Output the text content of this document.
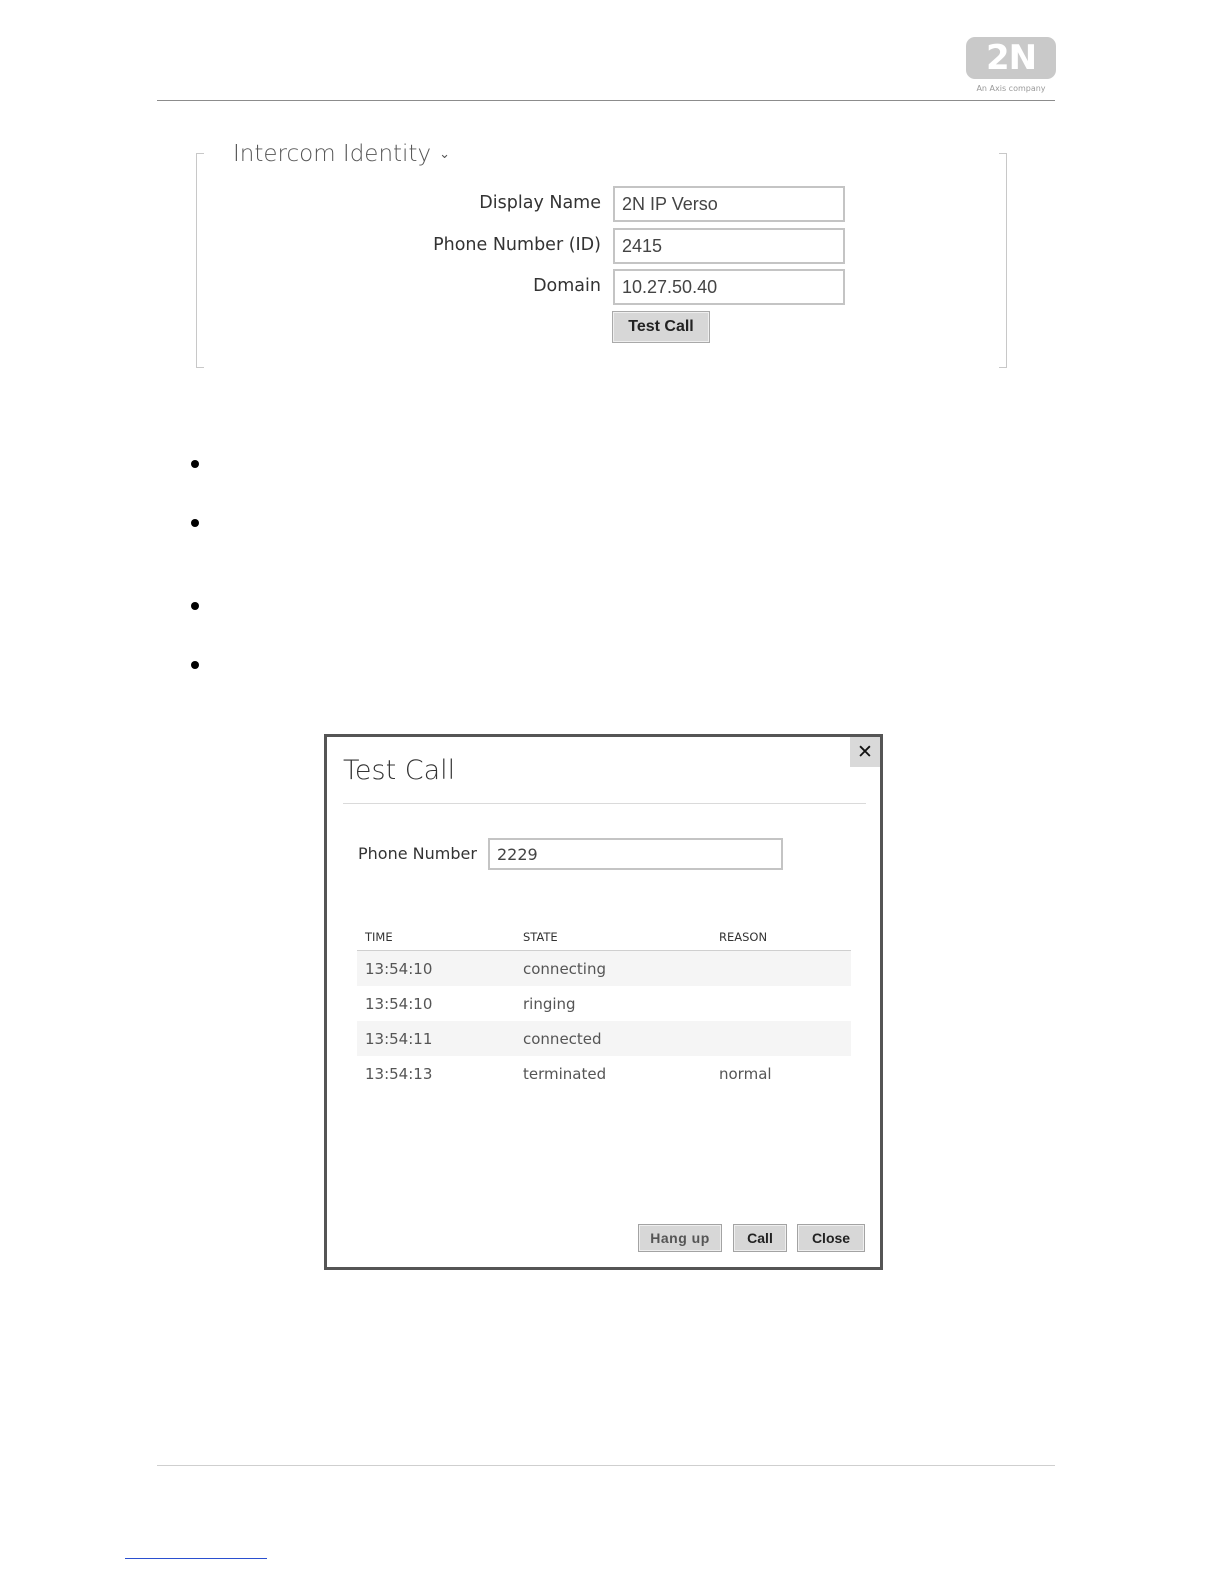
2N
An Axis company
Intercom Identity ⌄
Display Name
2N IP Verso
Phone Number (ID)
2415
Domain
10.27.50.40
Test Call
✕
Test Call
Phone Number
2229
TIME	STATE	REASON
13:54:10	connecting
13:54:10	ringing
13:54:11	connected
13:54:13	terminated	normal
Hang up	Call	Close
